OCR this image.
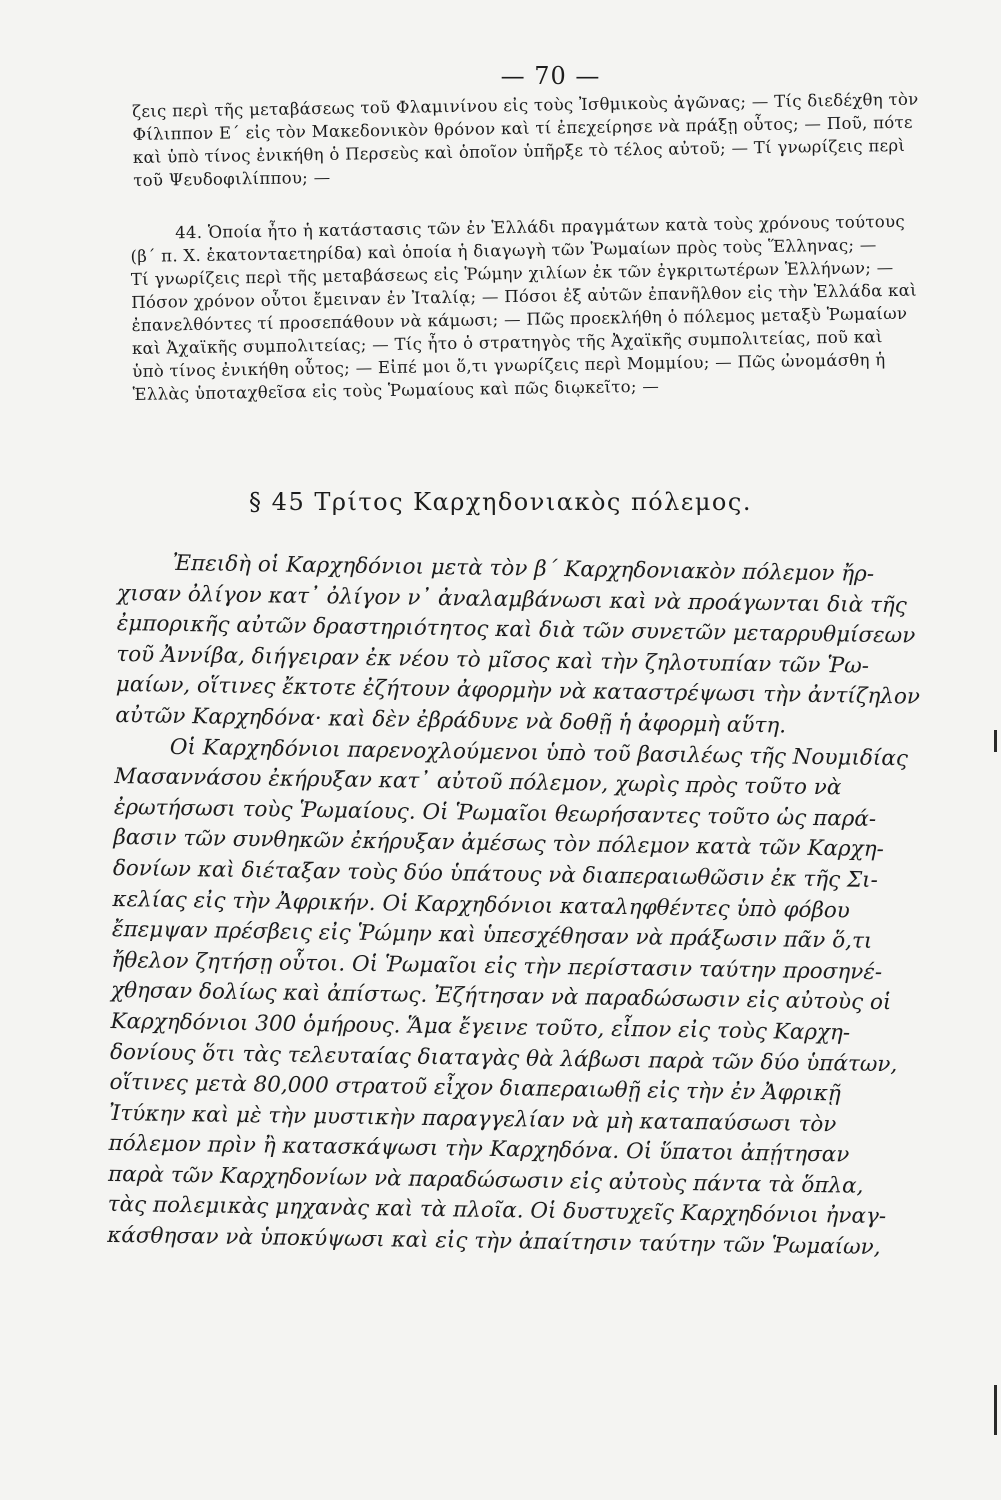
— 70 —
ζεις περὶ τῆς μεταβάσεως τοῦ Φλαμινίνου εἰς τοὺς Ἰσθμικοὺς ἀγῶνας; — Τίς διεδέχθη τὸν
Φίλιππον Ε΄ εἰς τὸν Μακεδονικὸν θρόνον καὶ τί ἐπεχείρησε νὰ πράξῃ οὗτος; — Ποῦ, πότε
καὶ ὑπὸ τίνος ἐνικήθη ὁ Περσεὺς καὶ ὁποῖον ὑπῆρξε τὸ τέλος αὐτοῦ; — Τί γνωρίζεις περὶ
τοῦ Ψευδοφιλίππου; —
44. Ὁποία ἦτο ἡ κατάστασις τῶν ἐν Ἑλλάδι πραγμάτων κατὰ τοὺς χρόνους τούτους
(β΄ π. Χ. ἑκατονταετηρίδα) καὶ ὁποία ἡ διαγωγὴ τῶν Ῥωμαίων πρὸς τοὺς Ἕλληνας; —
Τί γνωρίζεις περὶ τῆς μεταβάσεως εἰς Ῥώμην χιλίων ἐκ τῶν ἐγκριτωτέρων Ἑλλήνων; —
Πόσον χρόνον οὗτοι ἔμειναν ἐν Ἰταλίᾳ; — Πόσοι ἐξ αὐτῶν ἐπανῆλθον εἰς τὴν Ἑλλάδα καὶ
ἐπανελθόντες τί προσεπάθουν νὰ κάμωσι; — Πῶς προεκλήθη ὁ πόλεμος μεταξὺ Ῥωμαίων
καὶ Ἀχαϊκῆς συμπολιτείας; — Τίς ἦτο ὁ στρατηγὸς τῆς Ἀχαϊκῆς συμπολιτείας, ποῦ καὶ
ὑπὸ τίνος ἐνικήθη οὗτος; — Εἰπέ μοι ὅ,τι γνωρίζεις περὶ Μομμίου; — Πῶς ὠνομάσθη ἡ
Ἑλλὰς ὑποταχθεῖσα εἰς τοὺς Ῥωμαίους καὶ πῶς διῳκεῖτο; —
§ 45 Τρίτος Καρχηδονιακὸς πόλεμος.
Ἐπειδὴ οἱ Καρχηδόνιοι μετὰ τὸν β΄ Καρχηδονιακὸν πόλεμον ἤρ-
χισαν ὀλίγον κατ᾽ ὀλίγον ν᾽ ἀναλαμβάνωσι καὶ νὰ προάγωνται διὰ τῆς
ἐμπορικῆς αὐτῶν δραστηριότητος καὶ διὰ τῶν συνετῶν μεταρρυθμίσεων
τοῦ Ἀννίβα, διήγειραν ἐκ νέου τὸ μῖσος καὶ τὴν ζηλοτυπίαν τῶν Ῥω-
μαίων, οἵτινες ἔκτοτε ἐζήτουν ἀφορμὴν νὰ καταστρέψωσι τὴν ἀντίζηλον
αὐτῶν Καρχηδόνα· καὶ δὲν ἐβράδυνε νὰ δοθῇ ἡ ἀφορμὴ αὕτη.
Οἱ Καρχηδόνιοι παρενοχλούμενοι ὑπὸ τοῦ βασιλέως τῆς Νουμιδίας
Μασαννάσου ἐκήρυξαν κατ᾽ αὐτοῦ πόλεμον, χωρὶς πρὸς τοῦτο νὰ
ἐρωτήσωσι τοὺς Ῥωμαίους. Οἱ Ῥωμαῖοι θεωρήσαντες τοῦτο ὡς παρά-
βασιν τῶν συνθηκῶν ἐκήρυξαν ἀμέσως τὸν πόλεμον κατὰ τῶν Καρχη-
δονίων καὶ διέταξαν τοὺς δύο ὑπάτους νὰ διαπεραιωθῶσιν ἐκ τῆς Σι-
κελίας εἰς τὴν Ἀφρικήν. Οἱ Καρχηδόνιοι καταληφθέντες ὑπὸ φόβου
ἔπεμψαν πρέσβεις εἰς Ῥώμην καὶ ὑπεσχέθησαν νὰ πράξωσιν πᾶν ὅ,τι
ἤθελον ζητήσῃ οὗτοι. Οἱ Ῥωμαῖοι εἰς τὴν περίστασιν ταύτην προσηνέ-
χθησαν δολίως καὶ ἀπίστως. Ἐζήτησαν νὰ παραδώσωσιν εἰς αὐτοὺς οἱ
Καρχηδόνιοι 300 ὁμήρους. Ἅμα ἔγεινε τοῦτο, εἶπον εἰς τοὺς Καρχη-
δονίους ὅτι τὰς τελευταίας διαταγὰς θὰ λάβωσι παρὰ τῶν δύο ὑπάτων,
οἵτινες μετὰ 80,000 στρατοῦ εἶχον διαπεραιωθῇ εἰς τὴν ἐν Ἀφρικῇ
Ἰτύκην καὶ μὲ τὴν μυστικὴν παραγγελίαν νὰ μὴ καταπαύσωσι τὸν
πόλεμον πρὶν ἢ κατασκάψωσι τὴν Καρχηδόνα. Οἱ ὕπατοι ἀπῄτησαν
παρὰ τῶν Καρχηδονίων νὰ παραδώσωσιν εἰς αὐτοὺς πάντα τὰ ὅπλα,
τὰς πολεμικὰς μηχανὰς καὶ τὰ πλοῖα. Οἱ δυστυχεῖς Καρχηδόνιοι ἠναγ-
κάσθησαν νὰ ὑποκύψωσι καὶ εἰς τὴν ἀπαίτησιν ταύτην τῶν Ῥωμαίων,
